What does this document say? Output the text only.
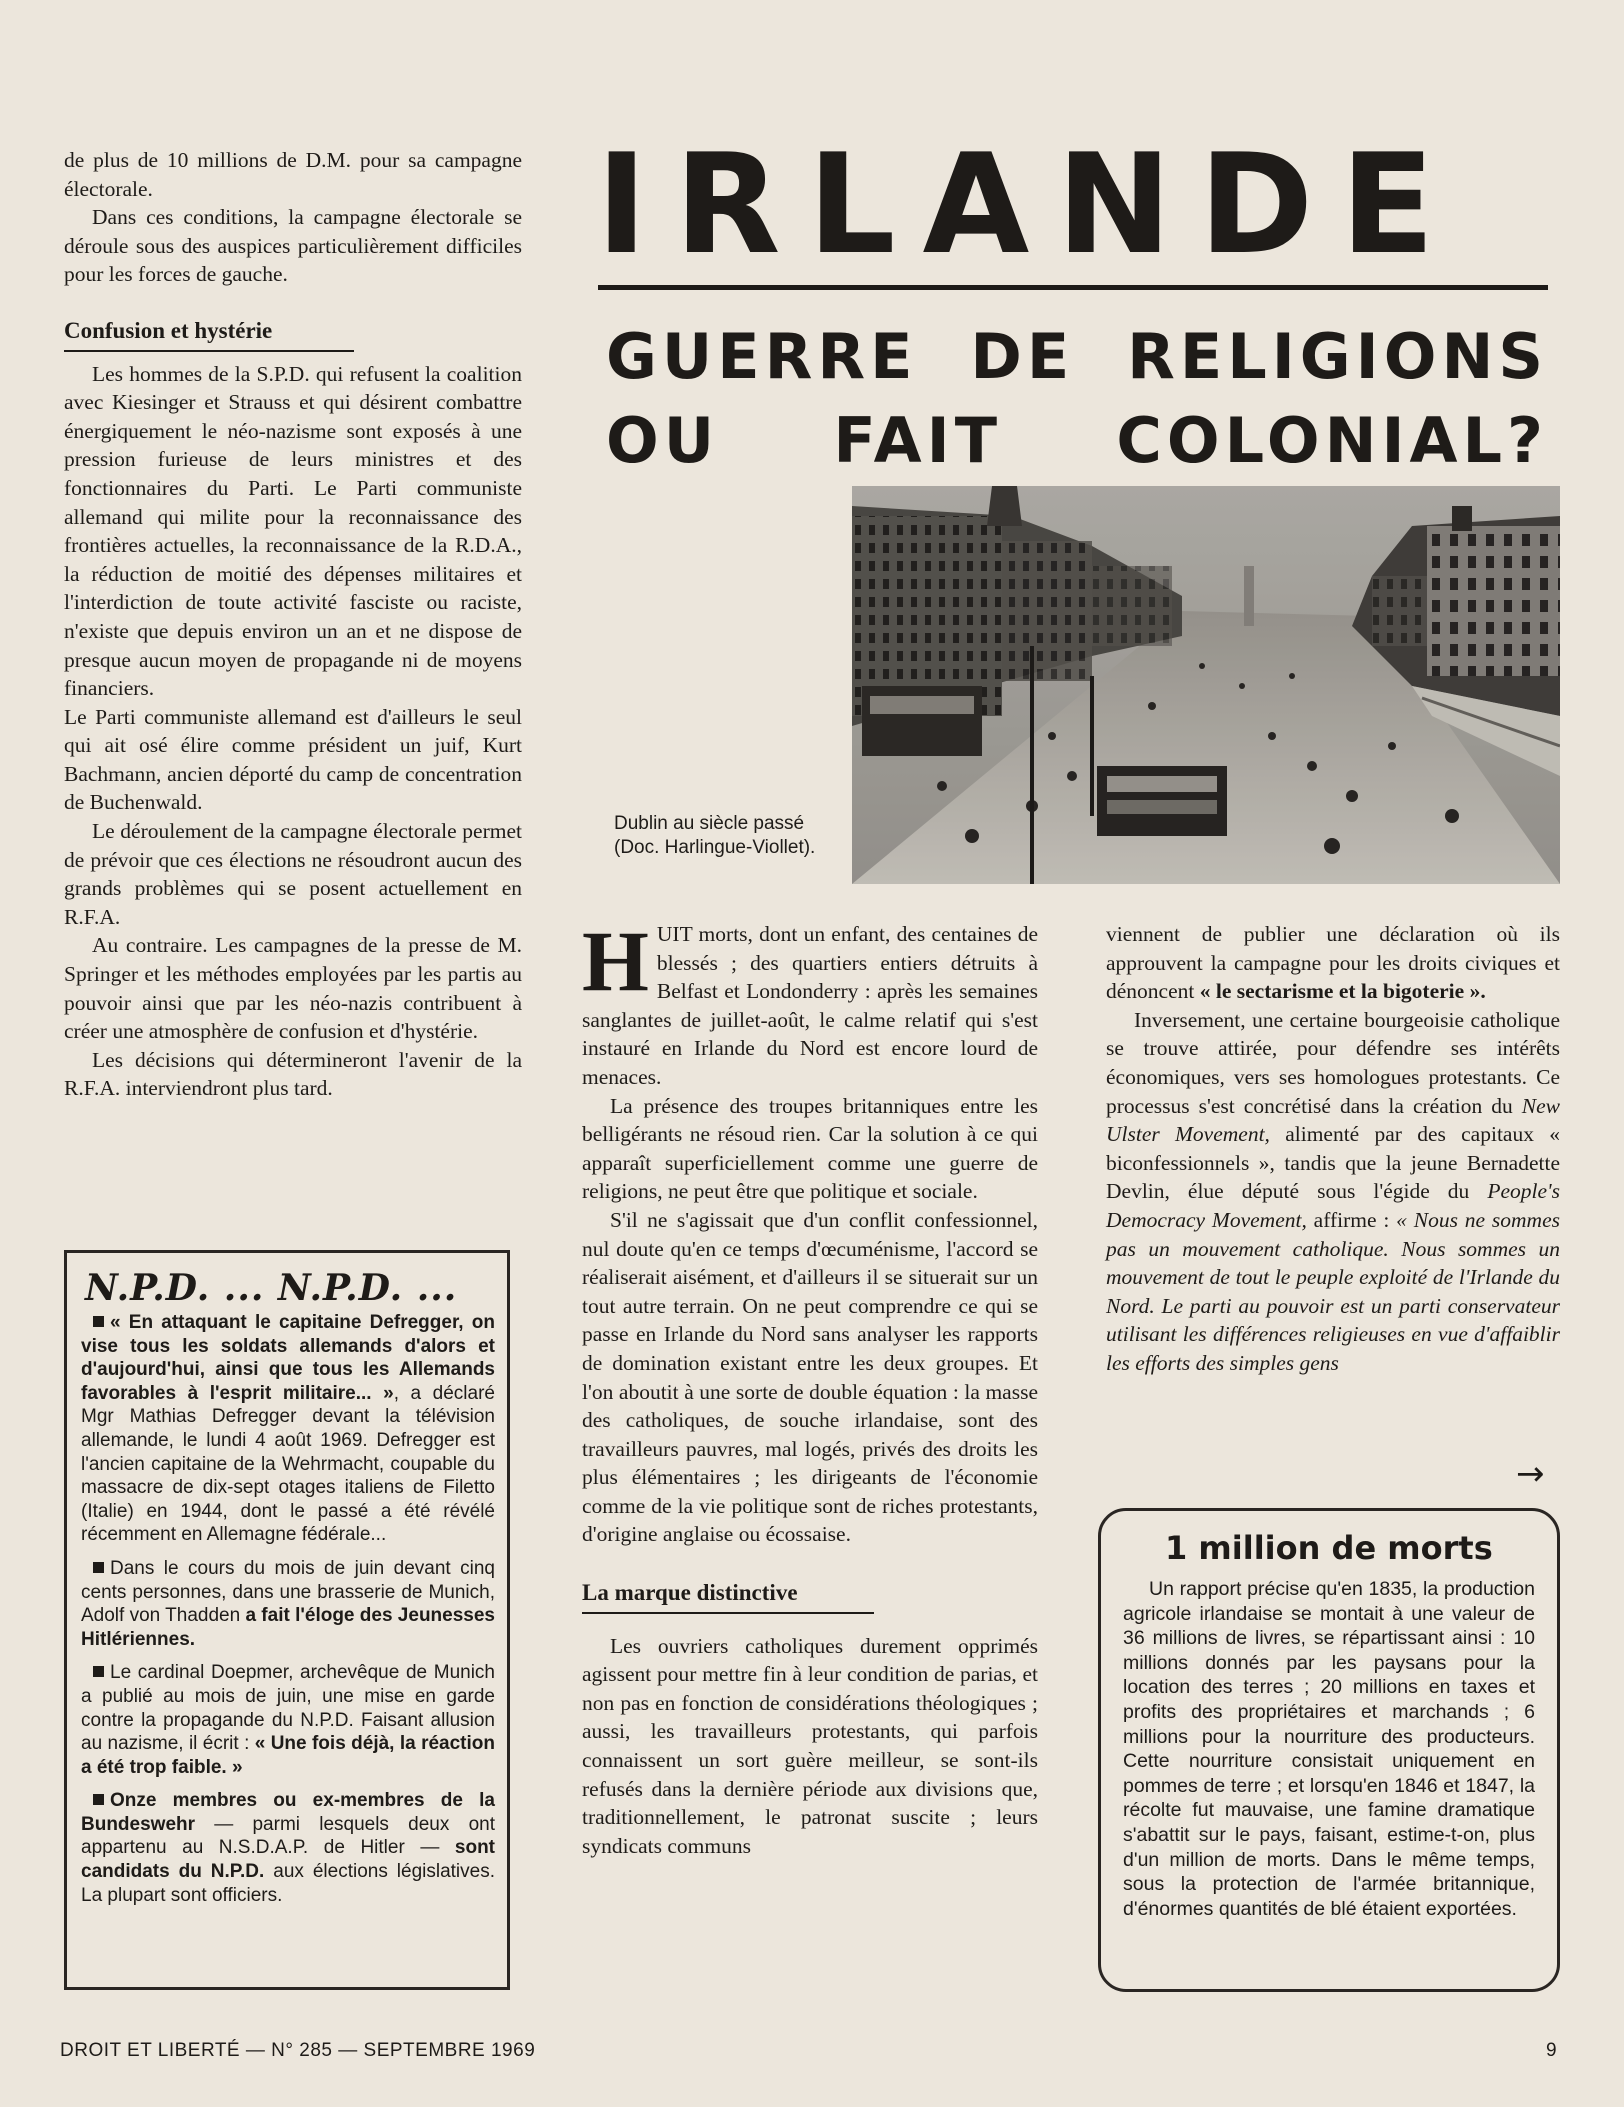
de plus de 10 millions de D.M. pour sa campagne électorale.

Dans ces conditions, la campagne électorale se déroule sous des auspices particulièrement difficiles pour les forces de gauche.

Confusion et hystérie

Les hommes de la S.P.D. qui refusent la coalition avec Kiesinger et Strauss et qui désirent combattre énergiquement le néo-nazisme sont exposés à une pression furieuse de leurs ministres et des fonctionnaires du Parti. Le Parti communiste allemand qui milite pour la reconnaissance des frontières actuelles, la reconnaissance de la R.D.A., la réduction de moitié des dépenses militaires et l'interdiction de toute activité fasciste ou raciste, n'existe que depuis environ un an et ne dispose de presque aucun moyen de propagande ni de moyens financiers.

Le Parti communiste allemand est d'ailleurs le seul qui ait osé élire comme président un juif, Kurt Bachmann, ancien déporté du camp de concentration de Buchenwald.

Le déroulement de la campagne électorale permet de prévoir que ces élections ne résoudront aucun des grands problèmes qui se posent actuellement en R.F.A.

Au contraire. Les campagnes de la presse de M. Springer et les méthodes employées par les partis au pouvoir ainsi que par les néo-nazis contribuent à créer une atmosphère de confusion et d'hystérie.

Les décisions qui détermineront l'avenir de la R.F.A. interviendront plus tard.

N.P.D. ... N.P.D. ...

« En attaquant le capitaine Defregger, on vise tous les soldats allemands d'alors et d'aujourd'hui, ainsi que tous les Allemands favorables à l'esprit militaire... », a déclaré Mgr Mathias Defregger devant la télévision allemande, le lundi 4 août 1969. Defregger est l'ancien capitaine de la Wehrmacht, coupable du massacre de dix-sept otages italiens de Filetto (Italie) en 1944, dont le passé a été révélé récemment en Allemagne fédérale...

Dans le cours du mois de juin devant cinq cents personnes, dans une brasserie de Munich, Adolf von Thadden a fait l'éloge des Jeunesses Hitlériennes.

Le cardinal Doepmer, archevêque de Munich a publié au mois de juin, une mise en garde contre la propagande du N.P.D. Faisant allusion au nazisme, il écrit : « Une fois déjà, la réaction a été trop faible. »

Onze membres ou ex-membres de la Bundeswehr — parmi lesquels deux ont appartenu au N.S.D.A.P. de Hitler — sont candidats du N.P.D. aux élections législatives. La plupart sont officiers.

IRLANDE
GUERRE DE RELIGIONS
OU FAIT COLONIAL?
Dublin au siècle passé (Doc. Harlingue-Viollet).

HUIT morts, dont un enfant, des centaines de blessés ; des quartiers entiers détruits à Belfast et Londonderry : après les semaines sanglantes de juillet-août, le calme relatif qui s'est instauré en Irlande du Nord est encore lourd de menaces.

La présence des troupes britanniques entre les belligérants ne résoud rien. Car la solution à ce qui apparaît superficiellement comme une guerre de religions, ne peut être que politique et sociale.

S'il ne s'agissait que d'un conflit confessionnel, nul doute qu'en ce temps d'œcuménisme, l'accord se réaliserait aisément, et d'ailleurs il se situerait sur un tout autre terrain. On ne peut comprendre ce qui se passe en Irlande du Nord sans analyser les rapports de domination existant entre les deux groupes. Et l'on aboutit à une sorte de double équation : la masse des catholiques, de souche irlandaise, sont des travailleurs pauvres, mal logés, privés des droits les plus élémentaires ; les dirigeants de l'économie comme de la vie politique sont de riches protestants, d'origine anglaise ou écossaise.

La marque distinctive

Les ouvriers catholiques durement opprimés agissent pour mettre fin à leur condition de parias, et non pas en fonction de considérations théologiques ; aussi, les travailleurs protestants, qui parfois connaissent un sort guère meilleur, se sont-ils refusés dans la dernière période aux divisions que, traditionnellement, le patronat suscite ; leurs syndicats communs

viennent de publier une déclaration où ils approuvent la campagne pour les droits civiques et dénoncent « le sectarisme et la bigoterie ».

Inversement, une certaine bourgeoisie catholique se trouve attirée, pour défendre ses intérêts économiques, vers ses homologues protestants. Ce processus s'est concrétisé dans la création du New Ulster Movement, alimenté par des capitaux « biconfessionnels », tandis que la jeune Bernadette Devlin, élue député sous l'égide du People's Democracy Movement, affirme : « Nous ne sommes pas un mouvement catholique. Nous sommes un mouvement de tout le peuple exploité de l'Irlande du Nord. Le parti au pouvoir est un parti conservateur utilisant les différences religieuses en vue d'affaiblir les efforts des simples gens

→
1 million de morts

Un rapport précise qu'en 1835, la production agricole irlandaise se montait à une valeur de 36 millions de livres, se répartissant ainsi : 10 millions donnés par les paysans pour la location des terres ; 20 millions en taxes et profits des propriétaires et marchands ; 6 millions pour la nourriture des producteurs. Cette nourriture consistait uniquement en pommes de terre ; et lorsqu'en 1846 et 1847, la récolte fut mauvaise, une famine dramatique s'abattit sur le pays, faisant, estime-t-on, plus d'un million de morts. Dans le même temps, sous la protection de l'armée britannique, d'énormes quantités de blé étaient exportées.

DROIT ET LIBERTÉ — N° 285 — SEPTEMBRE 1969	9
